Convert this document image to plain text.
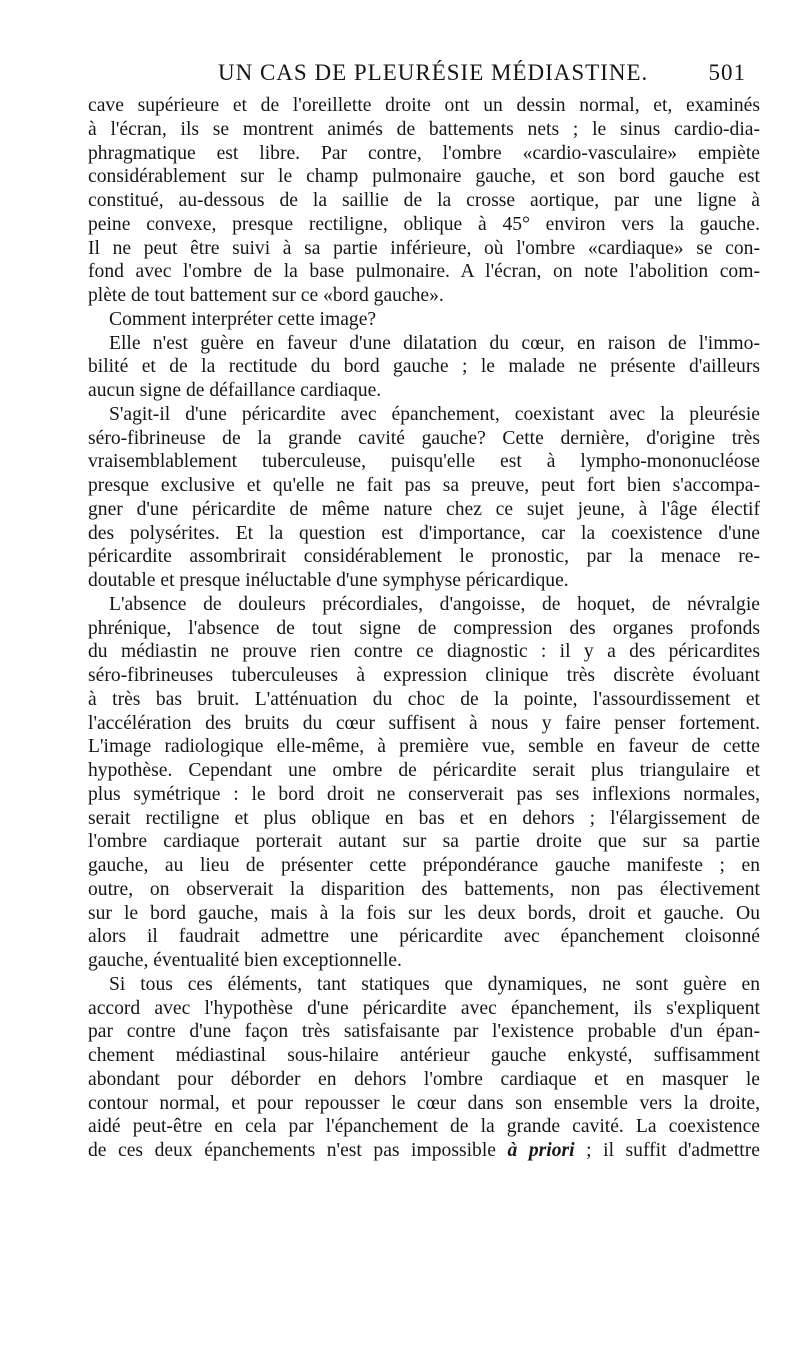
UN CAS DE PLEURÉSIE MÉDIASTINE.	501
cave supérieure et de l'oreillette droite ont un dessin normal, et, examinés
à l'écran, ils se montrent animés de battements nets ; le sinus cardio-dia-
phragmatique est libre. Par contre, l'ombre «cardio-vasculaire» empiète
considérablement sur le champ pulmonaire gauche, et son bord gauche est
constitué, au-dessous de la saillie de la crosse aortique, par une ligne à
peine convexe, presque rectiligne, oblique à 45° environ vers la gauche.
Il ne peut être suivi à sa partie inférieure, où l'ombre «cardiaque» se con-
fond avec l'ombre de la base pulmonaire. A l'écran, on note l'abolition com-
plète de tout battement sur ce «bord gauche».
Comment interpréter cette image?
Elle n'est guère en faveur d'une dilatation du cœur, en raison de l'immo-
bilité et de la rectitude du bord gauche ; le malade ne présente d'ailleurs
aucun signe de défaillance cardiaque.
S'agit-il d'une péricardite avec épanchement, coexistant avec la pleurésie
séro-fibrineuse de la grande cavité gauche? Cette dernière, d'origine très
vraisemblablement tuberculeuse, puisqu'elle est à lympho-mononucléose
presque exclusive et qu'elle ne fait pas sa preuve, peut fort bien s'accompa-
gner d'une péricardite de même nature chez ce sujet jeune, à l'âge électif
des polysérites. Et la question est d'importance, car la coexistence d'une
péricardite assombrirait considérablement le pronostic, par la menace re-
doutable et presque inéluctable d'une symphyse péricardique.
L'absence de douleurs précordiales, d'angoisse, de hoquet, de névralgie
phrénique, l'absence de tout signe de compression des organes profonds
du médiastin ne prouve rien contre ce diagnostic : il y a des péricardites
séro-fibrineuses tuberculeuses à expression clinique très discrète évoluant
à très bas bruit. L'atténuation du choc de la pointe, l'assourdissement et
l'accélération des bruits du cœur suffisent à nous y faire penser fortement.
L'image radiologique elle-même, à première vue, semble en faveur de cette
hypothèse. Cependant une ombre de péricardite serait plus triangulaire et
plus symétrique : le bord droit ne conserverait pas ses inflexions normales,
serait rectiligne et plus oblique en bas et en dehors ; l'élargissement de
l'ombre cardiaque porterait autant sur sa partie droite que sur sa partie
gauche, au lieu de présenter cette prépondérance gauche manifeste ; en
outre, on observerait la disparition des battements, non pas électivement
sur le bord gauche, mais à la fois sur les deux bords, droit et gauche. Ou
alors il faudrait admettre une péricardite avec épanchement cloisonné
gauche, éventualité bien exceptionnelle.
Si tous ces éléments, tant statiques que dynamiques, ne sont guère en
accord avec l'hypothèse d'une péricardite avec épanchement, ils s'expliquent
par contre d'une façon très satisfaisante par l'existence probable d'un épan-
chement médiastinal sous-hilaire antérieur gauche enkysté, suffisamment
abondant pour déborder en dehors l'ombre cardiaque et en masquer le
contour normal, et pour repousser le cœur dans son ensemble vers la droite,
aidé peut-être en cela par l'épanchement de la grande cavité. La coexistence
de ces deux épanchements n'est pas impossible à priori ; il suffit d'admettre
